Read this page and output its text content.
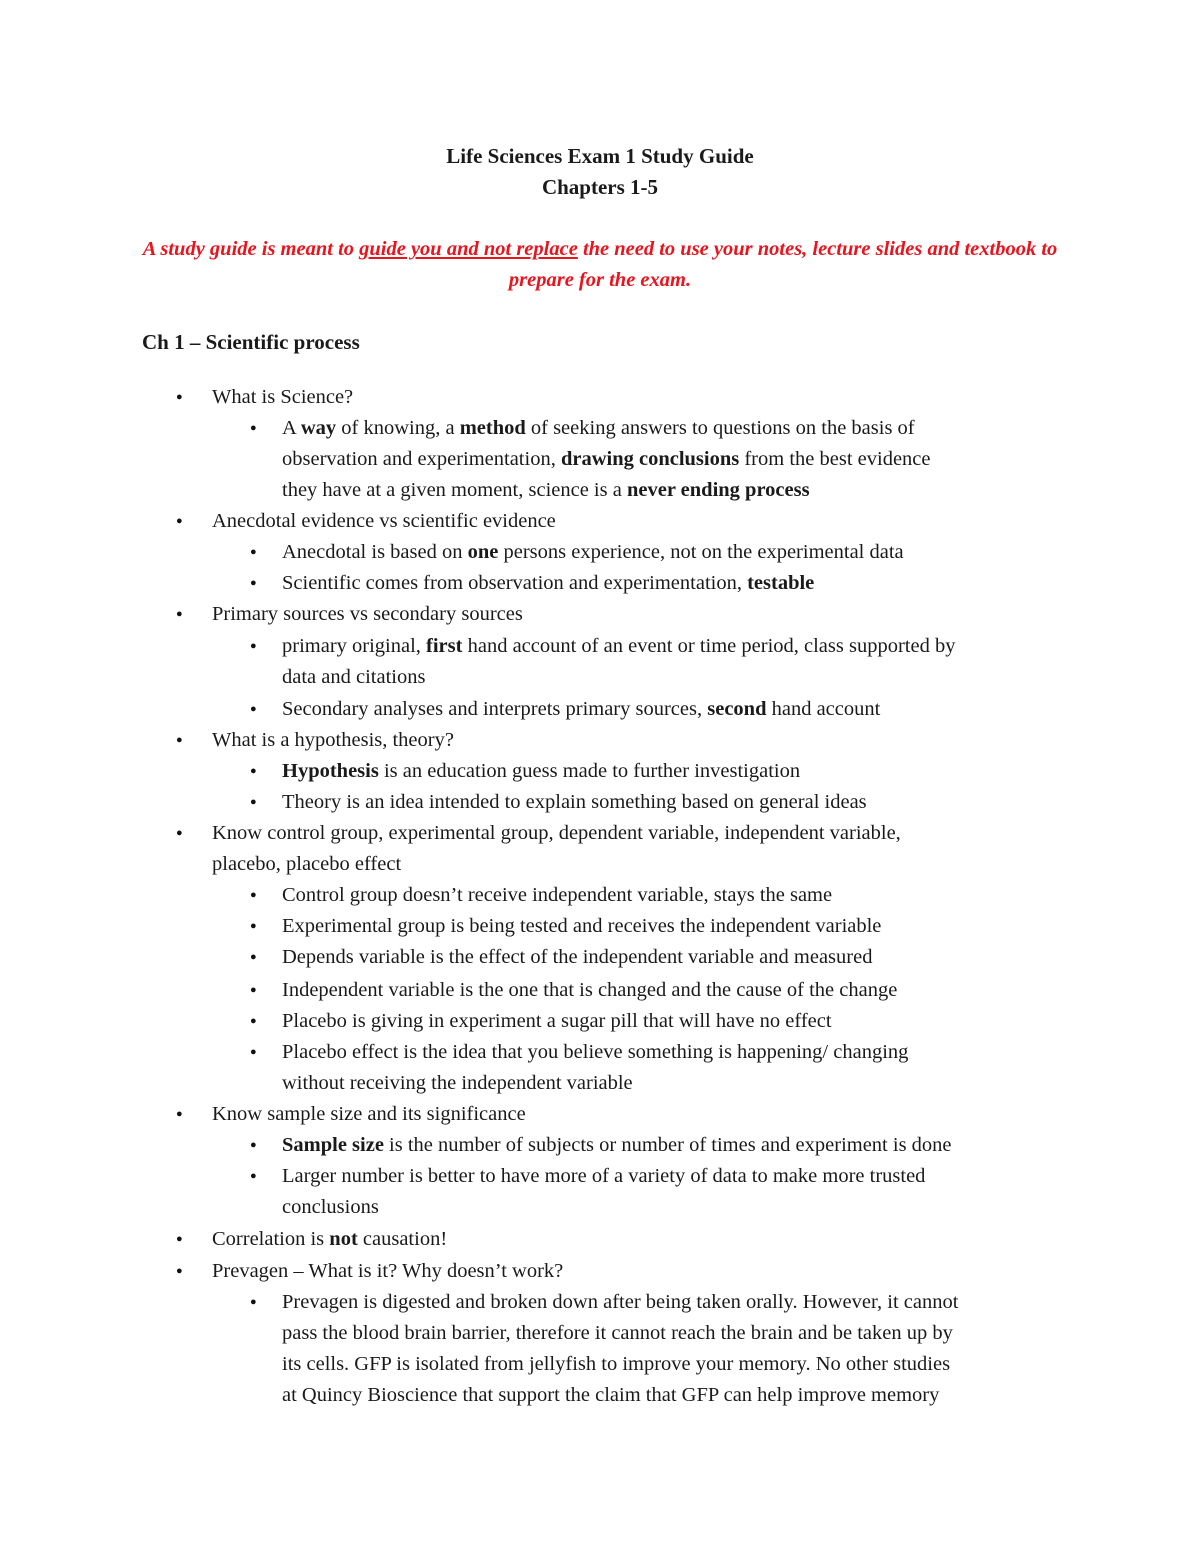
Life Sciences Exam 1 Study Guide
Chapters 1-5
A study guide is meant to guide you and not replace the need to use your notes, lecture slides and textbook to prepare for the exam.
Ch 1 – Scientific process
● What is Science?
● A way of knowing, a method of seeking answers to questions on the basis of
observation and experimentation, drawing conclusions from the best evidence
they have at a given moment, science is a never ending process
● Anecdotal evidence vs scientific evidence
● Anecdotal is based on one persons experience, not on the experimental data
● Scientific comes from observation and experimentation, testable
● Primary sources vs secondary sources
● primary original, first hand account of an event or time period, class supported by
data and citations
● Secondary analyses and interprets primary sources, second hand account
● What is a hypothesis, theory?
● Hypothesis is an education guess made to further investigation
● Theory is an idea intended to explain something based on general ideas
● Know control group, experimental group, dependent variable, independent variable,
placebo, placebo effect
● Control group doesn’t receive independent variable, stays the same
● Experimental group is being tested and receives the independent variable
● Depends variable is the effect of the independent variable and measured
● Independent variable is the one that is changed and the cause of the change
● Placebo is giving in experiment a sugar pill that will have no effect
● Placebo effect is the idea that you believe something is happening/ changing
without receiving the independent variable
● Know sample size and its significance
● Sample size is the number of subjects or number of times and experiment is done
● Larger number is better to have more of a variety of data to make more trusted
conclusions
● Correlation is not causation!
● Prevagen – What is it? Why doesn’t work?
● Prevagen is digested and broken down after being taken orally. However, it cannot
pass the blood brain barrier, therefore it cannot reach the brain and be taken up by
its cells. GFP is isolated from jellyfish to improve your memory. No other studies
at Quincy Bioscience that support the claim that GFP can help improve memory
